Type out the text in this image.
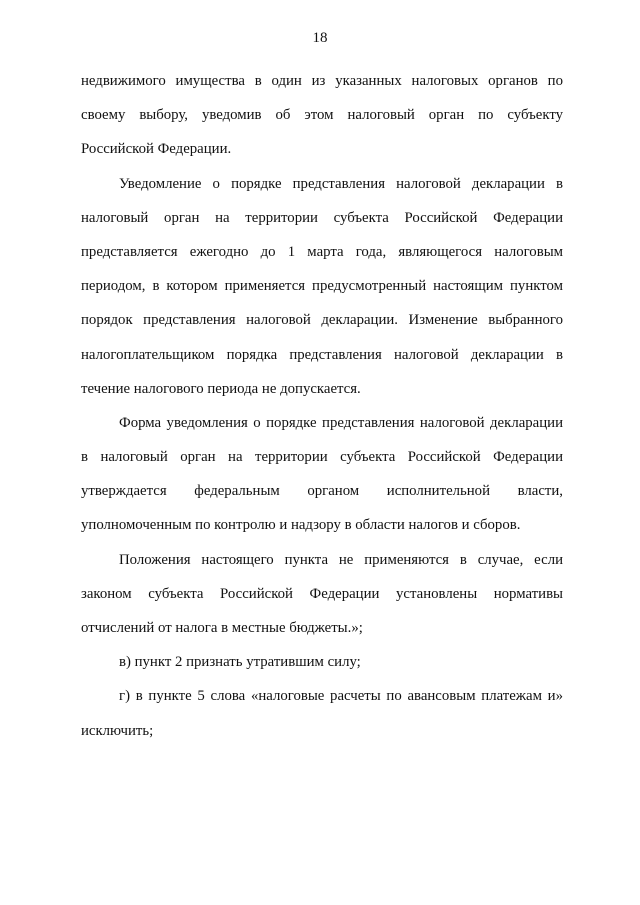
18
недвижимого имущества в один из указанных налоговых органов по
своему выбору, уведомив об этом налоговый орган по субъекту
Российской Федерации.
Уведомление о порядке представления налоговой декларации в
налоговый орган на территории субъекта Российской Федерации
представляется ежегодно до 1 марта года, являющегося налоговым
периодом, в котором применяется предусмотренный настоящим пунктом
порядок представления налоговой декларации. Изменение выбранного
налогоплательщиком порядка представления налоговой декларации в
течение налогового периода не допускается.
Форма уведомления о порядке представления налоговой декларации
в налоговый орган на территории субъекта Российской Федерации
утверждается федеральным органом исполнительной власти,
уполномоченным по контролю и надзору в области налогов и сборов.
Положения настоящего пункта не применяются в случае, если
законом субъекта Российской Федерации установлены нормативы
отчислений от налога в местные бюджеты.»;
в) пункт 2 признать утратившим силу;
г) в пункте 5 слова «налоговые расчеты по авансовым платежам и»
исключить;
